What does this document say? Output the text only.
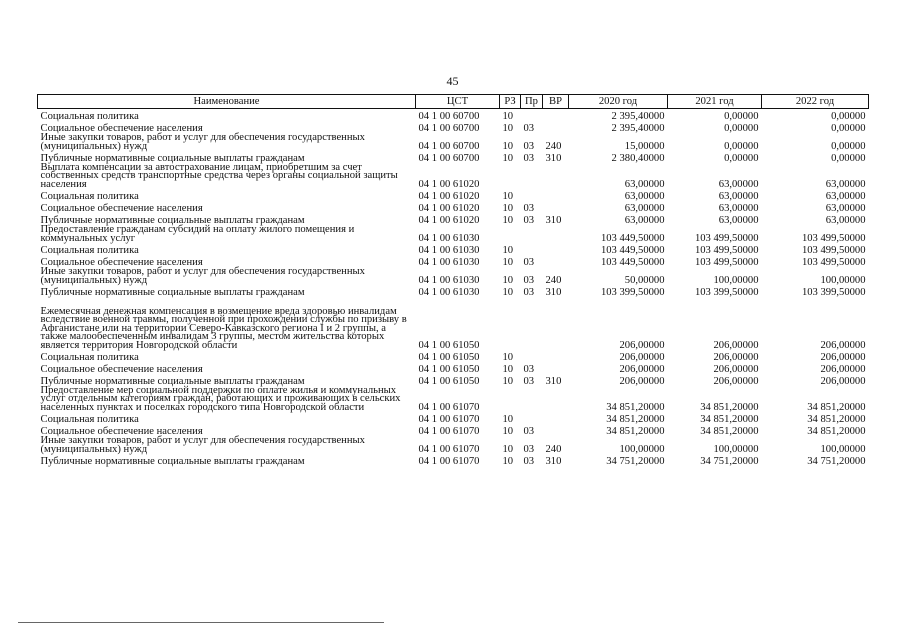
45
Наименование	ЦСТ	РЗ	Пр	ВР	2020 год	2021 год	2022 год
Социальная политика	04 1 00 60700	10			2 395,40000	0,00000	0,00000
Социальное обеспечение населения	04 1 00 60700	10	03		2 395,40000	0,00000	0,00000
Иные закупки товаров, работ и услуг для обеспечения государственных (муниципальных) нужд	04 1 00 60700	10	03	240	15,00000	0,00000	0,00000
Публичные нормативные социальные выплаты гражданам	04 1 00 60700	10	03	310	2 380,40000	0,00000	0,00000
Выплата компенсации за автострахование лицам, приобретшим за счет собственных средств транспортные средства через органы социальной защиты населения	04 1 00 61020				63,00000	63,00000	63,00000
Социальная политика	04 1 00 61020	10			63,00000	63,00000	63,00000
Социальное обеспечение населения	04 1 00 61020	10	03		63,00000	63,00000	63,00000
Публичные нормативные социальные выплаты гражданам	04 1 00 61020	10	03	310	63,00000	63,00000	63,00000
Предоставление гражданам субсидий на оплату жилого помещения и коммунальных услуг	04 1 00 61030				103 449,50000	103 499,50000	103 499,50000
Социальная политика	04 1 00 61030	10			103 449,50000	103 499,50000	103 499,50000
Социальное обеспечение населения	04 1 00 61030	10	03		103 449,50000	103 499,50000	103 499,50000
Иные закупки товаров, работ и услуг для обеспечения государственных (муниципальных) нужд	04 1 00 61030	10	03	240	50,00000	100,00000	100,00000
Публичные нормативные социальные выплаты гражданам	04 1 00 61030	10	03	310	103 399,50000	103 399,50000	103 399,50000
Ежемесячная денежная компенсация в возмещение вреда здоровью инвалидам вследствие военной травмы, полученной при прохождении службы по призыву в Афганистане или на территории Северо-Кавказского региона I и 2 группы, а также малообеспеченным инвалидам 3 группы, местом жительства которых является территория Новгородской области	04 1 00 61050				206,00000	206,00000	206,00000
Социальная политика	04 1 00 61050	10			206,00000	206,00000	206,00000
Социальное обеспечение населения	04 1 00 61050	10	03		206,00000	206,00000	206,00000
Публичные нормативные социальные выплаты гражданам	04 1 00 61050	10	03	310	206,00000	206,00000	206,00000
Предоставление мер социальной поддержки по оплате жилья и коммунальных услуг отдельным категориям граждан, работающих и проживающих в сельских населенных пунктах и поселках городского типа Новгородской области	04 1 00 61070				34 851,20000	34 851,20000	34 851,20000
Социальная политика	04 1 00 61070	10			34 851,20000	34 851,20000	34 851,20000
Социальное обеспечение населения	04 1 00 61070	10	03		34 851,20000	34 851,20000	34 851,20000
Иные закупки товаров, работ и услуг для обеспечения государственных (муниципальных) нужд	04 1 00 61070	10	03	240	100,00000	100,00000	100,00000
Публичные нормативные социальные выплаты гражданам	04 1 00 61070	10	03	310	34 751,20000	34 751,20000	34 751,20000
